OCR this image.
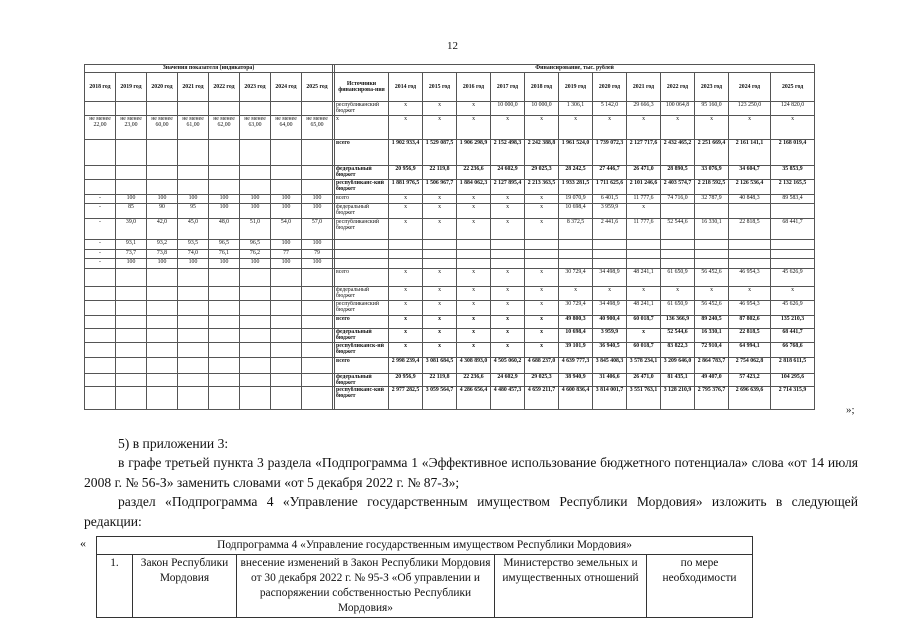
12
Значения показателя (индикатора)									Финансирование, тыс. рублей												
2018 год	2019 год	2020 год	2021 год	2022 год	2023 год	2024 год	2025 год		Источники финансирова-ния	2014 год	2015 год	2016 год	2017 год	2018 год	2019 год	2020 год	2021 год	2022 год	2023 год	2024 год	2025 год
									республиканский бюджет	х	х	х	10 000,0	10 000,0	1 306,1	5 142,0	29 666,3	100 064,8	95 160,0	123 250,0	124 820,0
не менее 22,00	не менее 23,00	не менее 60,00	не менее 61,00	не менее 62,00	не менее 63,00	не менее 64,00	не менее 65,00		х	х	х	х	х	х	х	х	х	х	х	х	х
									всего	1 902 933,4	1 529 087,5	1 906 298,9	2 152 498,3	2 242 388,8	1 961 524,0	1 739 072,3	2 127 717,6	2 432 465,2	2 251 669,4	2 161 141,1	2 168 019,4
									федеральный бюджет	20 956,9	22 119,8	22 236,6	24 602,9	29 025,3	28 242,5	27 446,7	26 471,0	28 890,5	33 076,9	34 604,7	35 853,9
									республиканс-кий бюджет	1 881 976,5	1 506 967,7	1 884 062,3	2 127 895,4	2 213 363,5	1 933 281,5	1 711 625,6	2 101 246,6	2 403 574,7	2 218 592,5	2 126 536,4	2 132 165,5
-	100	100	100	100	100	100	100		всего	х	х	х	х	х	19 070,9	6 401,5	11 777,6	74 716,0	32 787,9	40 848,3	89 583,4
-	85	90	95	100	100	100	100		федеральный бюджет	х	х	х	х	х	10 698,4	3 959,9	х				
-	39,0	42,0	45,0	48,0	51,0	54,0	57,0		республиканский бюджет	х	х	х	х	х	8 372,5	2 441,6	11 777,6	52 544,6	16 330,1	22 818,5	68 441,7
-	93,1	93,2	93,5	96,5	96,5	100	100														
-	73,7	73,8	74,0	76,1	76,2	77	79														
-	100	100	100	100	100	100	100														
									всего	х	х	х	х	х	30 729,4	34 498,9	48 241,1	61 650,9	56 452,6	46 954,3	45 626,9
									федеральный бюджет	х	х	х	х	х	х	х	х	х	х	х	х
									республиканский бюджет	х	х	х	х	х	30 729,4	34 498,9	48 241,1	61 650,9	56 452,6	46 954,3	45 626,9
									всего	х	х	х	х	х	49 800,3	40 900,4	60 018,7	136 366,9	89 240,5	87 802,6	135 210,3
									федеральный бюджет	х	х	х	х	х	10 698,4	3 959,9	х	52 544,6	16 330,1	22 818,5	68 441,7
									республиканск-ий бюджет	х	х	х	х	х	39 101,9	36 940,5	60 018,7	83 822,3	72 910,4	64 994,1	66 768,6
									всего	2 998 239,4	3 081 684,5	4 308 893,0	4 505 060,2	4 688 237,0	4 639 777,3	3 845 408,3	3 578 234,1	3 209 646,0	2 864 783,7	2 754 062,8	2 818 611,5
									федеральный бюджет	20 956,9	22 119,8	22 236,6	24 602,9	29 025,3	38 940,9	31 406,6	26 471,0	81 435,1	49 407,0	57 423,2	104 295,6
									республиканс-кий бюджет	2 977 282,5	3 059 564,7	4 286 656,4	4 480 457,3	4 659 211,7	4 600 836,4	3 814 001,7	3 551 763,1	3 128 210,9	2 795 376,7	2 696 639,6	2 714 315,9
»;
5) в приложении 3:
в графе третьей пункта 3 раздела «Подпрограмма 1 «Эффективное использование бюджетного потенциала» слова «от 14 июля 2008 г. № 56-З» заменить словами «от 5 декабря 2022 г. № 87-З»;
раздел «Подпрограмма 4 «Управление государственным имуществом Республики Мордовия» изложить в следующей редакции:
«	Подпрограмма 4 «Управление государственным имуществом Республики Мордовия»
1.	Закон Республики Мордовия	внесение изменений в Закон Республики Мордовия от 30 декабря 2022 г. № 95-З «Об управлении и распоряжении собственностью Республики Мордовия»	Министерство земельных и имущественных отношений	по мере необходимости
